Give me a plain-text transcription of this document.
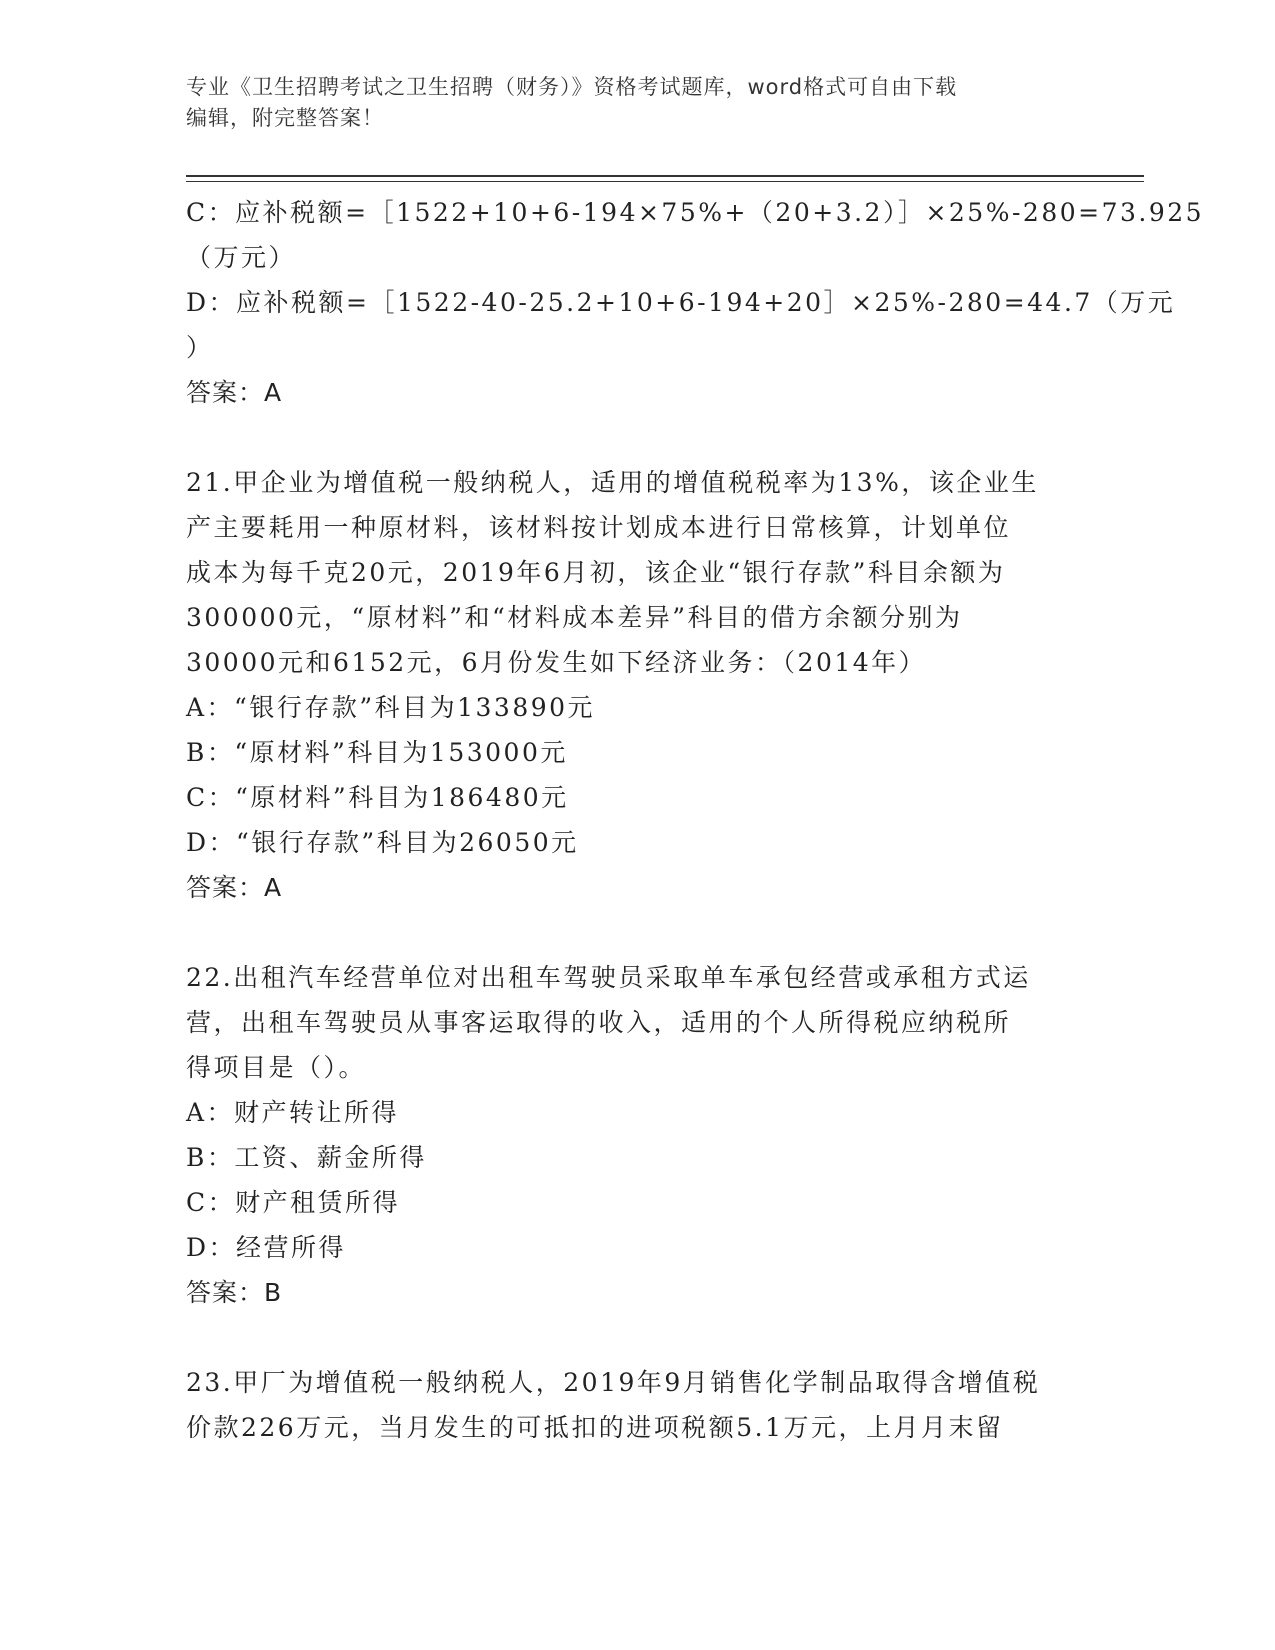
专业《卫生招聘考试之卫生招聘（财务）》资格考试题库，word格式可自由下载
编辑，附完整答案！

C：应补税额=［1522+10+6-194×75%+（20+3.2）］×25%-280=73.925

（万元）

D：应补税额=［1522-40-25.2+10+6-194+20］×25%-280=44.7（万元

）

答案：A

21.甲企业为增值税一般纳税人，适用的增值税税率为13%，该企业生

产主要耗用一种原材料，该材料按计划成本进行日常核算，计划单位

成本为每千克20元，2019年6月初，该企业“银行存款”科目余额为

300000元，“原材料”和“材料成本差异”科目的借方余额分别为

30000元和6152元，6月份发生如下经济业务：（2014年）

A：“银行存款”科目为133890元

B：“原材料”科目为153000元

C：“原材料”科目为186480元

D：“银行存款”科目为26050元

答案：A

22.出租汽车经营单位对出租车驾驶员采取单车承包经营或承租方式运

营，出租车驾驶员从事客运取得的收入，适用的个人所得税应纳税所

得项目是（）。

A：财产转让所得

B：工资、薪金所得

C：财产租赁所得

D：经营所得

答案：B

23.甲厂为增值税一般纳税人，2019年9月销售化学制品取得含增值税

价款226万元，当月发生的可抵扣的进项税额5.1万元，上月月末留
